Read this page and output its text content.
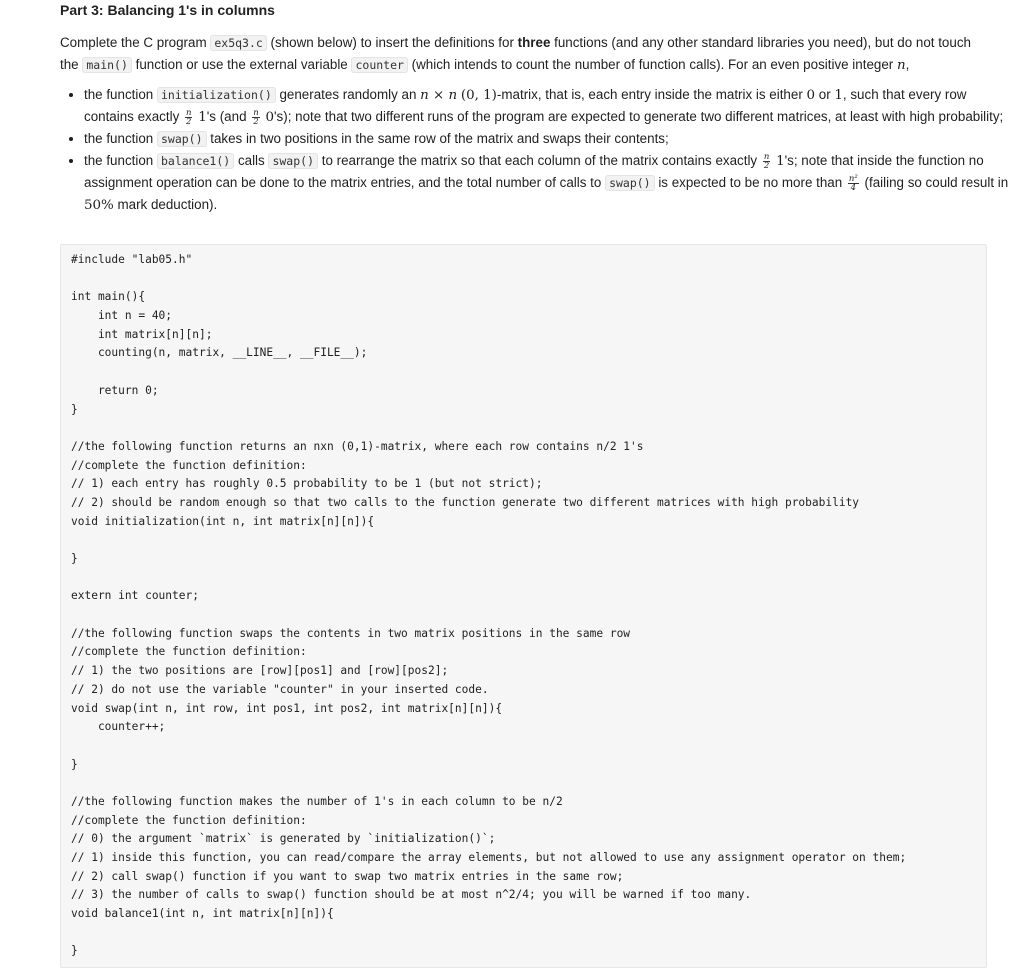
Part 3: Balancing 1's in columns

Complete the C program ex5q3.c (shown below) to insert the definitions for three functions (and any other standard libraries you need), but do not touch the main() function or use the external variable counter (which intends to count the number of function calls). For an even positive integer n,

• the function initialization() generates randomly an n × n (0, 1)-matrix, that is, each entry inside the matrix is either 0 or 1, such that every row contains exactly $\frac{n}{2} 1's$ $(and \frac{n}{2} 0's)$; note that two different runs of the program are expected to generate two different matrices, at least with high probability;
• the function swap() takes in two positions in the same row of the matrix and swaps their contents;
• the function balance1() calls swap() to rearrange the matrix so that each column of the matrix contains exactly $\frac{n}{2} 1's$; note that inside the function no assignment operation can be done to the matrix entries, and the total number of calls to swap() is expected to be no more than $\frac{\text{n²}}{4}$ (failing so could result in 50% mark deduction).
#include "lab05.h"
int main(){
int n = 40;
int matrix[n][n];
counting(n, matrix, __LINE__, __FILE__);
return 0;
}
//the following function returns an nxn (0,1)-matrix, where each row contains n/2 1's
//complete the function definition:
// 1) each entry has roughly 0.5 probability to be 1 (but not strict);
// 2) should be random enough so that two calls to the function generate two different matrices with high probability
void initialization(int n, int matrix[n][n]){
}
extern int counter;
//the following function swaps the contents in two matrix positions in the same row
//complete the function definition:
// 1) the two positions are [row][pos1] and [row][pos2];
// 2) do not use the variable "counter" in your inserted code.
void swap(int n, int row, int pos1, int pos2, int matrix[n][n]){
counter++;
}
//the following function makes the number of 1's in each column to be n/2
//complete the function definition:
// 0) the argument `matrix` is generated by `initialization()`;
// 1) inside this function, you can read/compare the array elements, but not allowed to use any assignment operator on them;
// 2) call swap() function if you want to swap two matrix entries in the same row;
// 3) the number of calls to swap() function should be at most n^2/4; you will be warned if too many.
void balance1(int n, int matrix[n][n]){
}
